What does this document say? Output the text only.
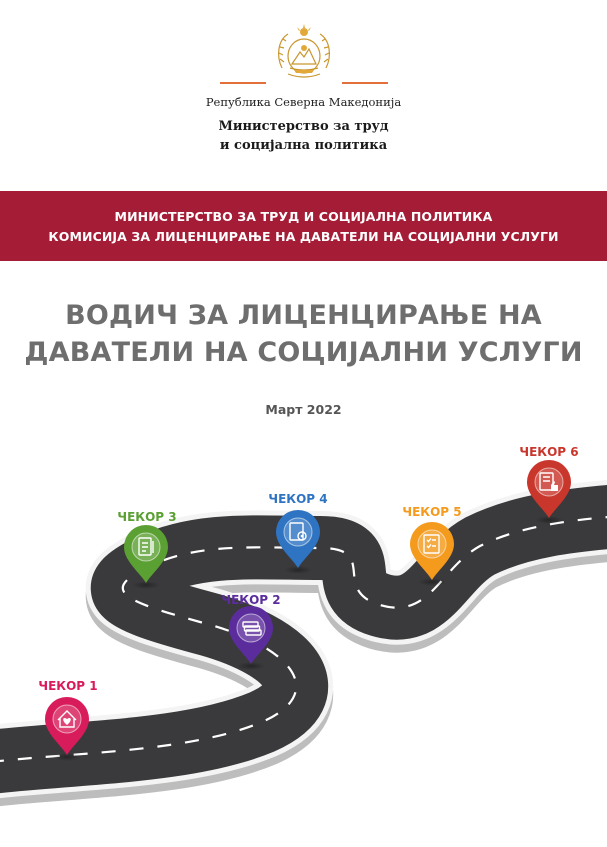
Република Северна Македонија
Министерство за труд
и социјална политика
МИНИСТЕРСТВО ЗА ТРУД И СОЦИЈАЛНА ПОЛИТИКА
КОМИСИЈА ЗА ЛИЦЕНЦИРАЊЕ НА ДАВАТЕЛИ НА СОЦИЈАЛНИ УСЛУГИ
ВОДИЧ ЗА ЛИЦЕНЦИРАЊЕ НА
ДАВАТЕЛИ НА СОЦИЈАЛНИ УСЛУГИ
Март 2022
ЧЕКОР 1
ЧЕКОР 2
ЧЕКОР 3
ЧЕКОР 4
ЧЕКОР 5
ЧЕКОР 6
